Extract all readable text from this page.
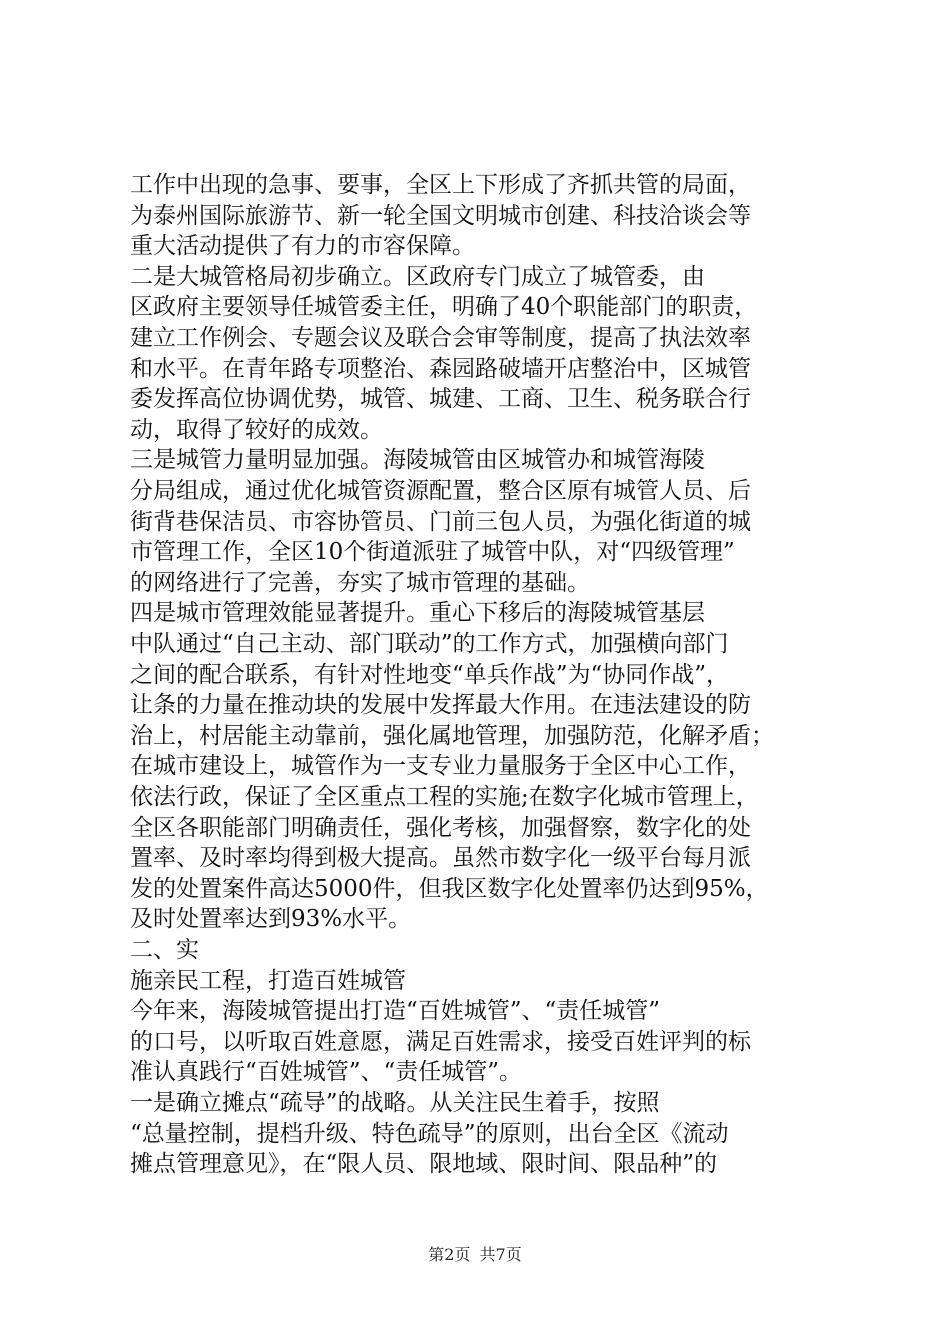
工作中出现的急事、要事，全区上下形成了齐抓共管的局面，
为泰州国际旅游节、新一轮全国文明城市创建、科技洽谈会等
重大活动提供了有力的市容保障。
二是大城管格局初步确立。区政府专门成立了城管委，由
区政府主要领导任城管委主任，明确了40个职能部门的职责，
建立工作例会、专题会议及联合会审等制度，提高了执法效率
和水平。在青年路专项整治、森园路破墙开店整治中，区城管
委发挥高位协调优势，城管、城建、工商、卫生、税务联合行
动，取得了较好的成效。
三是城管力量明显加强。海陵城管由区城管办和城管海陵
分局组成，通过优化城管资源配置，整合区原有城管人员、后
街背巷保洁员、市容协管员、门前三包人员，为强化街道的城
市管理工作，全区10个街道派驻了城管中队，对“四级管理”
的网络进行了完善，夯实了城市管理的基础。
四是城市管理效能显著提升。重心下移后的海陵城管基层
中队通过“自己主动、部门联动”的工作方式，加强横向部门
之间的配合联系，有针对性地变“单兵作战”为“协同作战”，
让条的力量在推动块的发展中发挥最大作用。在违法建设的防
治上，村居能主动靠前，强化属地管理，加强防范，化解矛盾；
在城市建设上，城管作为一支专业力量服务于全区中心工作，
依法行政，保证了全区重点工程的实施;在数字化城市管理上，
全区各职能部门明确责任，强化考核，加强督察，数字化的处
置率、及时率均得到极大提高。虽然市数字化一级平台每月派
发的处置案件高达5000件，但我区数字化处置率仍达到95%，
及时处置率达到93%水平。
二、实
施亲民工程，打造百姓城管
今年来，海陵城管提出打造“百姓城管”、“责任城管”
的口号，以听取百姓意愿，满足百姓需求，接受百姓评判的标
准认真践行“百姓城管”、“责任城管”。
一是确立摊点“疏导”的战略。从关注民生着手，按照
“总量控制，提档升级、特色疏导”的原则，出台全区《流动
摊点管理意见》，在“限人员、限地域、限时间、限品种”的
第2页 共7页
